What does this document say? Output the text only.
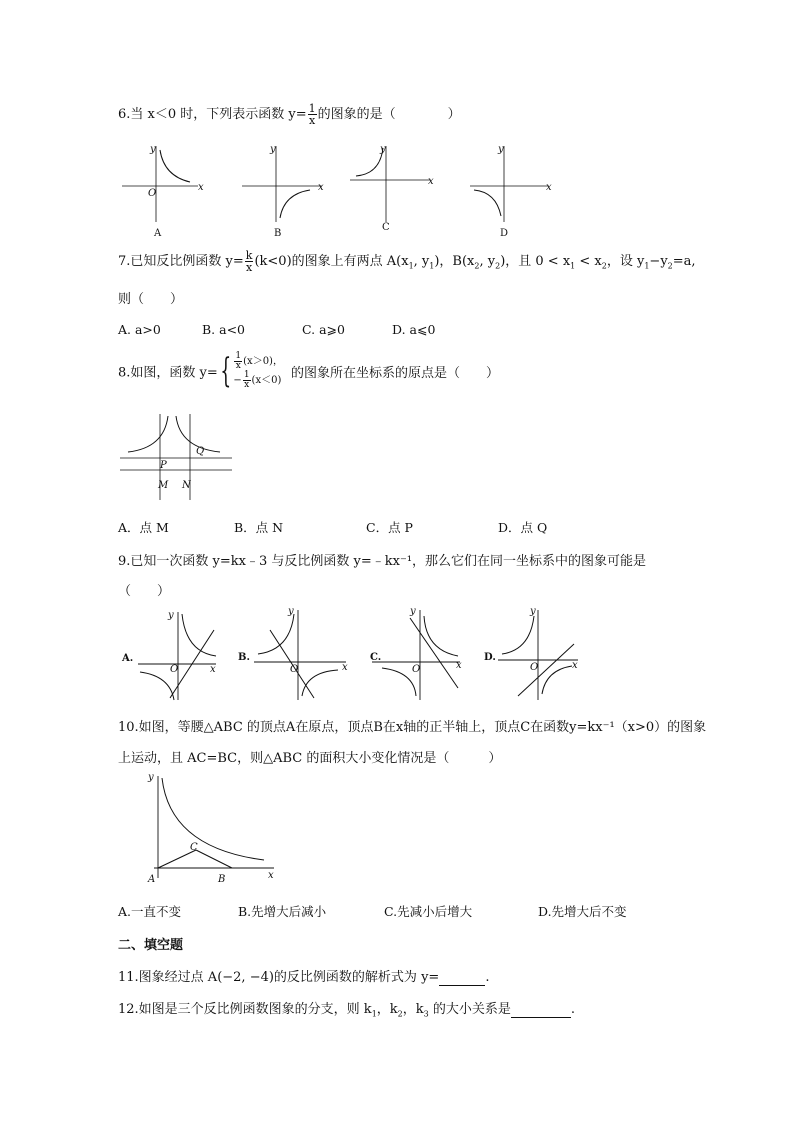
6.当 x＜0 时，下列表示函数 $y= \frac{1}{x}$ 的图象的是（　　　　）
O
x
y
x
y
x
y
x
y
A	B
C
D
7.已知反比例函数 $y= \frac{k}{x} (k<0)$的图象上有两点 $A(x_1$, $y_1$)，$B(x_2$, $y_2$)，且 $0 < x_1 < x_2$，设 $y_1-y_2=a$,
则（　　）
A. a>0	B. a<0	C. a⩾0	D. a⩽0
8.如图，函数 $y=\{ \frac{1}{x} (x>0)$，
− $\frac{1}{x} (x<0)$ 的图象所在坐标系的原点是（　　）
P
Q
M N
A．点 M	B．点 N	C．点 P	D．点 Q
9.已知一次函数 y=kx﹣3 与反比例函数 y=﹣kx⁻¹，那么它们在同一坐标系中的图象可能是
（　　）
A.
O	x
y
B.
O	x
y
C.
O	x
y
D.
O	x
y
10.如图，等腰△ABC 的顶点A在原点，顶点B在x轴的正半轴上，顶点C在函数y=kx⁻¹（x>0）的图象
上运动，且 AC=BC，则△ABC 的面积大小变化情况是（　　　）
y
x
C
A	B
A.一直不变	B.先增大后减小	C.先减小后增大	D.先增大后不变
二、填空题
11.图象经过点 A(−2, −4)的反比例函数的解析式为 y=	.
12.如图是三个反比例函数图象的分支，则 $k_1$，$k_2$，$k_3$ 的大小关系是	.
